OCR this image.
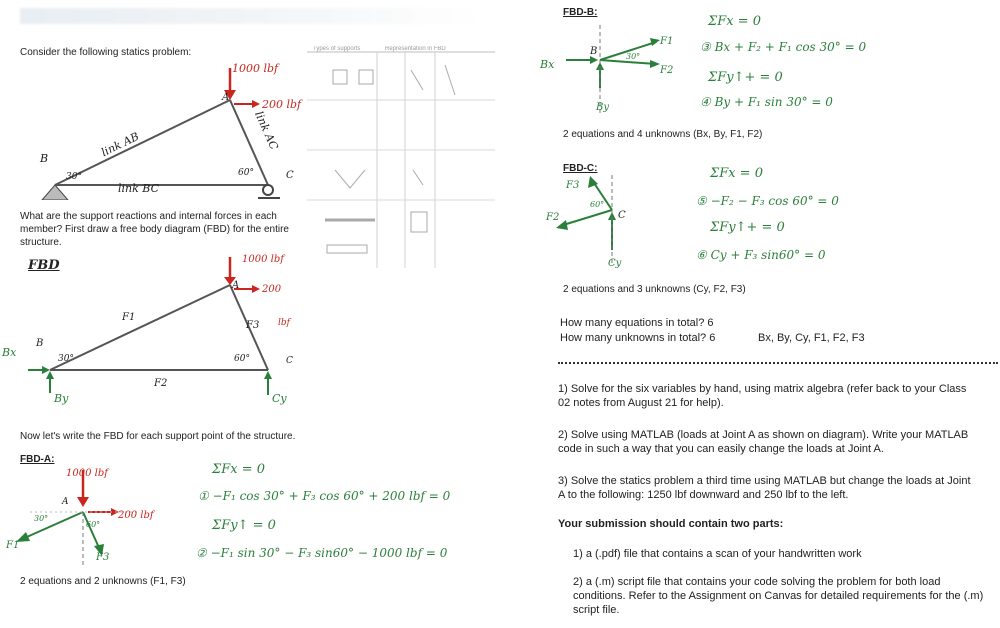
Consider the following statics problem:
1000 lbf
200 lbf
A
B
C
link AB
link BC
link AC
30°	60°
What are the support reactions and internal forces in each member? First draw a free body diagram (FBD) for the entire structure.
FBD	1000 lbf
200
A
B
C
F1
F2
F3 lbf
30°	60°
Bx
By	Cy
Now let's write the FBD for each support point of the structure.
Types of supports	Representation in FBD
FBD-A:
1000 lbf
200 lbf
A
F1
F3
30°
60°
ΣFx = 0
① −F₁ cos 30° + F₃ cos 60° + 200 lbf = 0
ΣFy↑ = 0
② −F₁ sin 30° − F₃ sin60° − 1000 lbf = 0
2 equations and 2 unknowns (F1, F3)
FBD-B:
Bx
B
F1
F2
By
30°
ΣFx = 0
③ Bx + F₂ + F₁ cos 30° = 0
ΣFy↑+ = 0
④ By + F₁ sin 30° = 0
2 equations and 4 unknowns (Bx, By, F1, F2)
FBD-C:
F3
F2	C
Cy
60°
ΣFx = 0
⑤ −F₂ − F₃ cos 60° = 0
ΣFy↑+ = 0
⑥ Cy + F₃ sin60° = 0
2 equations and 3 unknowns (Cy, F2, F3)
How many equations in total? 6
How many unknowns in total? 6	Bx, By, Cy, F1, F2, F3
1) Solve for the six variables by hand, using matrix algebra (refer back to your Class 02 notes from August 21 for help).
2) Solve using MATLAB (loads at Joint A as shown on diagram). Write your MATLAB code in such a way that you can easily change the loads at Joint A.
3) Solve the statics problem a third time using MATLAB but change the loads at Joint A to the following: 1250 lbf downward and 250 lbf to the left.
Your submission should contain two parts:
1) a (.pdf) file that contains a scan of your handwritten work
2) a (.m) script file that contains your code solving the problem for both load conditions. Refer to the Assignment on Canvas for detailed requirements for the (.m) script file.
